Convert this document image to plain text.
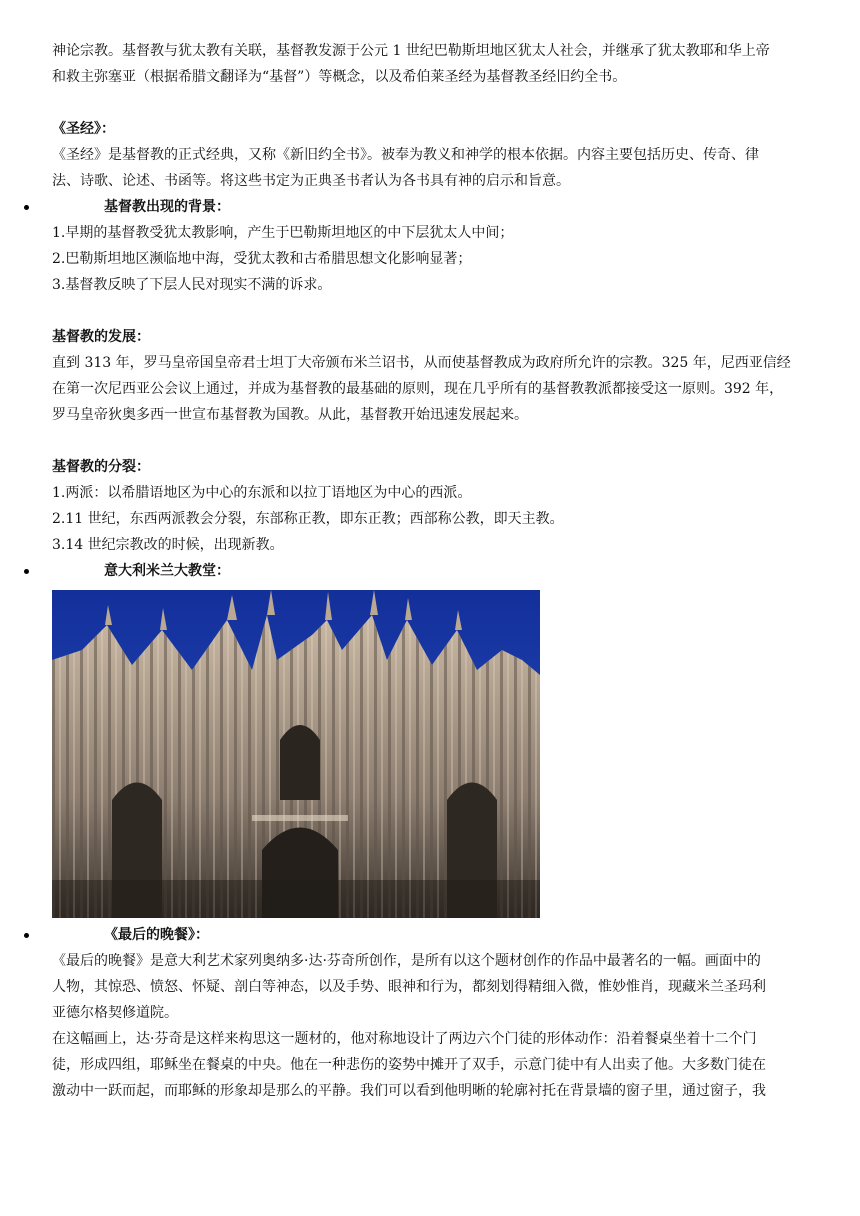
神论宗教。基督教与犹太教有关联，基督教发源于公元 1 世纪巴勒斯坦地区犹太人社会，并继承了犹太教耶和华上帝

和救主弥塞亚（根据希腊文翻译为“基督”）等概念，以及希伯莱圣经为基督教圣经旧约全书。

《圣经》：

《圣经》是基督教的正式经典，又称《新旧约全书》。被奉为教义和神学的根本依据。内容主要包括历史、传奇、律

法、诗歌、论述、书函等。将这些书定为正典圣书者认为各书具有神的启示和旨意。

基督教出现的背景：

1.早期的基督教受犹太教影响，产生于巴勒斯坦地区的中下层犹太人中间；

2.巴勒斯坦地区濒临地中海，受犹太教和古希腊思想文化影响显著；

3.基督教反映了下层人民对现实不满的诉求。

基督教的发展：

直到 313 年，罗马皇帝国皇帝君士坦丁大帝颁布米兰诏书，从而使基督教成为政府所允许的宗教。325 年，尼西亚信经

在第一次尼西亚公会议上通过，并成为基督教的最基础的原则，现在几乎所有的基督教教派都接受这一原则。392 年，

罗马皇帝狄奥多西一世宣布基督教为国教。从此，基督教开始迅速发展起来。

基督教的分裂：

1.两派：以希腊语地区为中心的东派和以拉丁语地区为中心的西派。

2.11 世纪，东西两派教会分裂，东部称正教，即东正教；西部称公教，即天主教。

3.14 世纪宗教改的时候，出现新教。

意大利米兰大教堂：
《最后的晚餐》：

《最后的晚餐》是意大利艺术家列奥纳多·达·芬奇所创作，是所有以这个题材创作的作品中最著名的一幅。画面中的

人物，其惊恐、愤怒、怀疑、剖白等神态，以及手势、眼神和行为，都刻划得精细入微，惟妙惟肖，现藏米兰圣玛利

亚德尔格契修道院。

在这幅画上，达·芬奇是这样来构思这一题材的，他对称地设计了两边六个门徒的形体动作：沿着餐桌坐着十二个门

徒，形成四组，耶稣坐在餐桌的中央。他在一种悲伤的姿势中摊开了双手，示意门徒中有人出卖了他。大多数门徒在

激动中一跃而起，而耶稣的形象却是那么的平静。我们可以看到他明晰的轮廓衬托在背景墙的窗子里，通过窗子，我
